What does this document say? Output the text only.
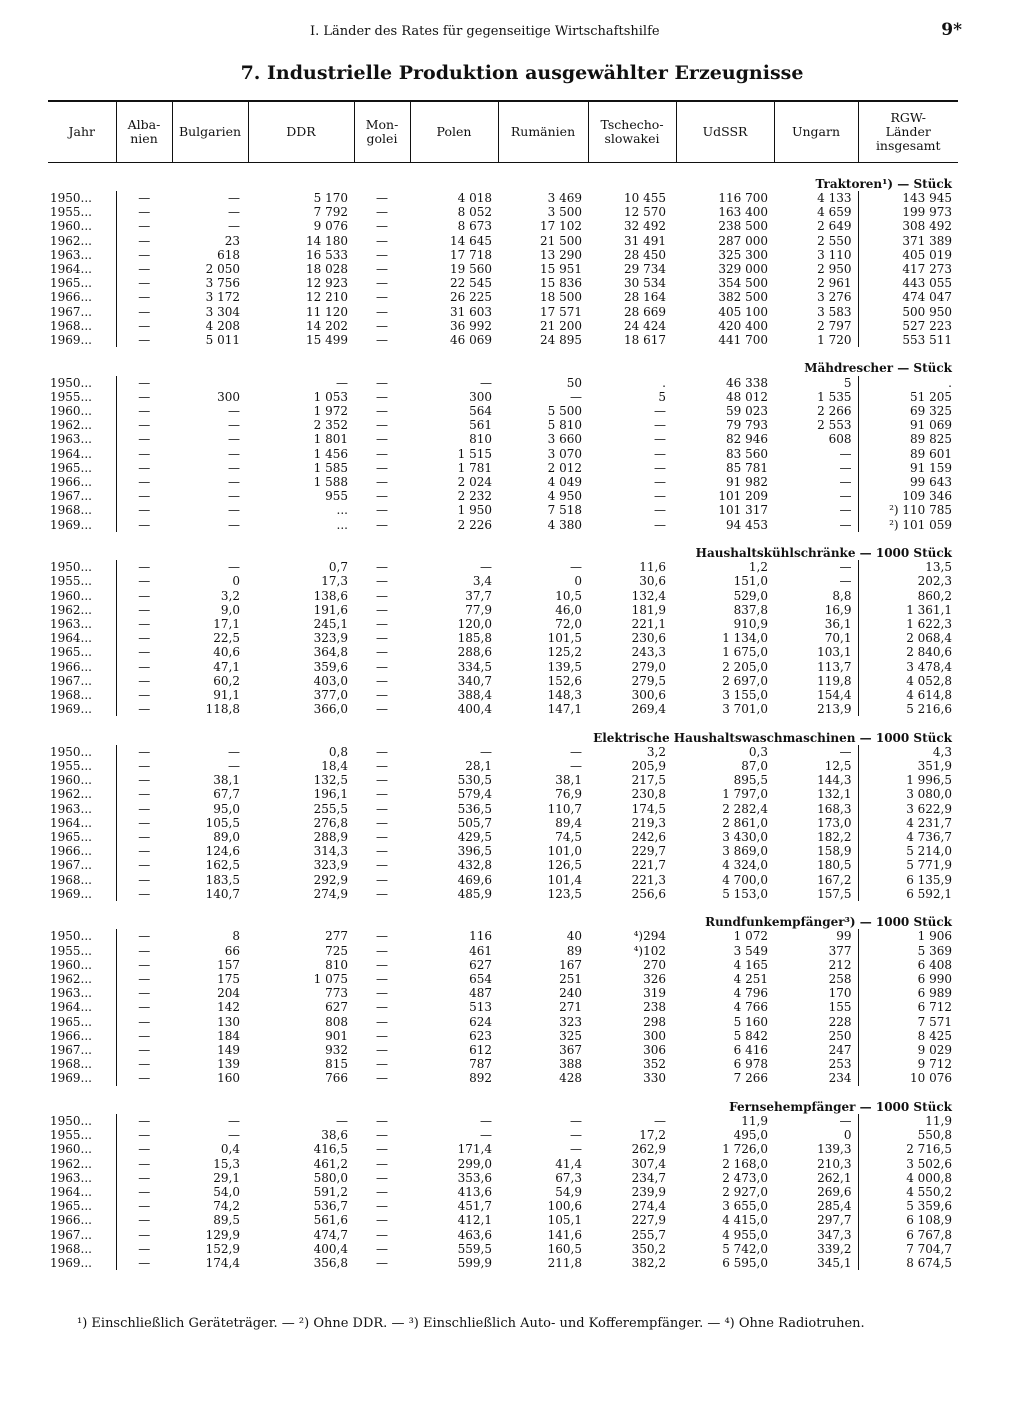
I. Länder des Rates für gegenseitige Wirtschaftshilfe	9*
7. Industrielle Produktion ausgewählter Erzeugnisse
Jahr	Alba-
nien	Bulgarien	DDR	Mon-
golei	Polen	Rumänien	Tschecho-
slowakei	UdSSR	Ungarn	RGW-
Länder
insgesamt

Traktoren¹) — Stück										
1950...	—	—	5 170	—	4 018	3 469	10 455	116 700	4 133	143 945
1955...	—	—	7 792	—	8 052	3 500	12 570	163 400	4 659	199 973
1960...	—	—	9 076	—	8 673	17 102	32 492	238 500	2 649	308 492
1962...	—	23	14 180	—	14 645	21 500	31 491	287 000	2 550	371 389
1963...	—	618	16 533	—	17 718	13 290	28 450	325 300	3 110	405 019
1964...	—	2 050	18 028	—	19 560	15 951	29 734	329 000	2 950	417 273
1965...	—	3 756	12 923	—	22 545	15 836	30 534	354 500	2 961	443 055
1966...	—	3 172	12 210	—	26 225	18 500	28 164	382 500	3 276	474 047
1967...	—	3 304	11 120	—	31 603	17 571	28 669	405 100	3 583	500 950
1968...	—	4 208	14 202	—	36 992	21 200	24 424	420 400	2 797	527 223
1969...	—	5 011	15 499	—	46 069	24 895	18 617	441 700	1 720	553 511

Mähdrescher — Stück										
1950...	—		—	—	—	50	.	46 338	5	.
1955...	—	300	1 053	—	300	—	5	48 012	1 535	51 205
1960...	—	—	1 972	—	564	5 500	—	59 023	2 266	69 325
1962...	—	—	2 352	—	561	5 810	—	79 793	2 553	91 069
1963...	—	—	1 801	—	810	3 660	—	82 946	608	89 825
1964...	—	—	1 456	—	1 515	3 070	—	83 560	—	89 601
1965...	—	—	1 585	—	1 781	2 012	—	85 781	—	91 159
1966...	—	—	1 588	—	2 024	4 049	—	91 982	—	99 643
1967...	—	—	955	—	2 232	4 950	—	101 209	—	109 346
1968...	—	—	...	—	1 950	7 518	—	101 317	—	²) 110 785
1969...	—	—	...	—	2 226	4 380	—	94 453	—	²) 101 059

Haushaltskühlschränke — 1000 Stück										
1950...	—	—	0,7	—	—	—	11,6	1,2	—	13,5
1955...	—	0	17,3	—	3,4	0	30,6	151,0	—	202,3
1960...	—	3,2	138,6	—	37,7	10,5	132,4	529,0	8,8	860,2
1962...	—	9,0	191,6	—	77,9	46,0	181,9	837,8	16,9	1 361,1
1963...	—	17,1	245,1	—	120,0	72,0	221,1	910,9	36,1	1 622,3
1964...	—	22,5	323,9	—	185,8	101,5	230,6	1 134,0	70,1	2 068,4
1965...	—	40,6	364,8	—	288,6	125,2	243,3	1 675,0	103,1	2 840,6
1966...	—	47,1	359,6	—	334,5	139,5	279,0	2 205,0	113,7	3 478,4
1967...	—	60,2	403,0	—	340,7	152,6	279,5	2 697,0	119,8	4 052,8
1968...	—	91,1	377,0	—	388,4	148,3	300,6	3 155,0	154,4	4 614,8
1969...	—	118,8	366,0	—	400,4	147,1	269,4	3 701,0	213,9	5 216,6

Elektrische Haushaltswaschmaschinen — 1000 Stück										
1950...	—	—	0,8	—	—	—	3,2	0,3	—	4,3
1955...	—	—	18,4	—	28,1	—	205,9	87,0	12,5	351,9
1960...	—	38,1	132,5	—	530,5	38,1	217,5	895,5	144,3	1 996,5
1962...	—	67,7	196,1	—	579,4	76,9	230,8	1 797,0	132,1	3 080,0
1963...	—	95,0	255,5	—	536,5	110,7	174,5	2 282,4	168,3	3 622,9
1964...	—	105,5	276,8	—	505,7	89,4	219,3	2 861,0	173,0	4 231,7
1965...	—	89,0	288,9	—	429,5	74,5	242,6	3 430,0	182,2	4 736,7
1966...	—	124,6	314,3	—	396,5	101,0	229,7	3 869,0	158,9	5 214,0
1967...	—	162,5	323,9	—	432,8	126,5	221,7	4 324,0	180,5	5 771,9
1968...	—	183,5	292,9	—	469,6	101,4	221,3	4 700,0	167,2	6 135,9
1969...	—	140,7	274,9	—	485,9	123,5	256,6	5 153,0	157,5	6 592,1

Rundfunkempfänger³) — 1000 Stück										
1950...	—	8	277	—	116	40	⁴)294	1 072	99	1 906
1955...	—	66	725	—	461	89	⁴)102	3 549	377	5 369
1960...	—	157	810	—	627	167	270	4 165	212	6 408
1962...	—	175	1 075	—	654	251	326	4 251	258	6 990
1963...	—	204	773	—	487	240	319	4 796	170	6 989
1964...	—	142	627	—	513	271	238	4 766	155	6 712
1965...	—	130	808	—	624	323	298	5 160	228	7 571
1966...	—	184	901	—	623	325	300	5 842	250	8 425
1967...	—	149	932	—	612	367	306	6 416	247	9 029
1968...	—	139	815	—	787	388	352	6 978	253	9 712
1969...	—	160	766	—	892	428	330	7 266	234	10 076

Fernsehempfänger — 1000 Stück										
1950...	—	—	—	—	—	—	—	11,9	—	11,9
1955...	—	—	38,6	—	—	—	17,2	495,0	0	550,8
1960...	—	0,4	416,5	—	171,4	—	262,9	1 726,0	139,3	2 716,5
1962...	—	15,3	461,2	—	299,0	41,4	307,4	2 168,0	210,3	3 502,6
1963...	—	29,1	580,0	—	353,6	67,3	234,7	2 473,0	262,1	4 000,8
1964...	—	54,0	591,2	—	413,6	54,9	239,9	2 927,0	269,6	4 550,2
1965...	—	74,2	536,7	—	451,7	100,6	274,4	3 655,0	285,4	5 359,6
1966...	—	89,5	561,6	—	412,1	105,1	227,9	4 415,0	297,7	6 108,9
1967...	—	129,9	474,7	—	463,6	141,6	255,7	4 955,0	347,3	6 767,8
1968...	—	152,9	400,4	—	559,5	160,5	350,2	5 742,0	339,2	7 704,7
1969...	—	174,4	356,8	—	599,9	211,8	382,2	6 595,0	345,1	8 674,5
¹) Einschließlich Geräteträger. — ²) Ohne DDR. — ³) Einschließlich Auto- und Kofferempfänger. — ⁴) Ohne Radiotruhen.
